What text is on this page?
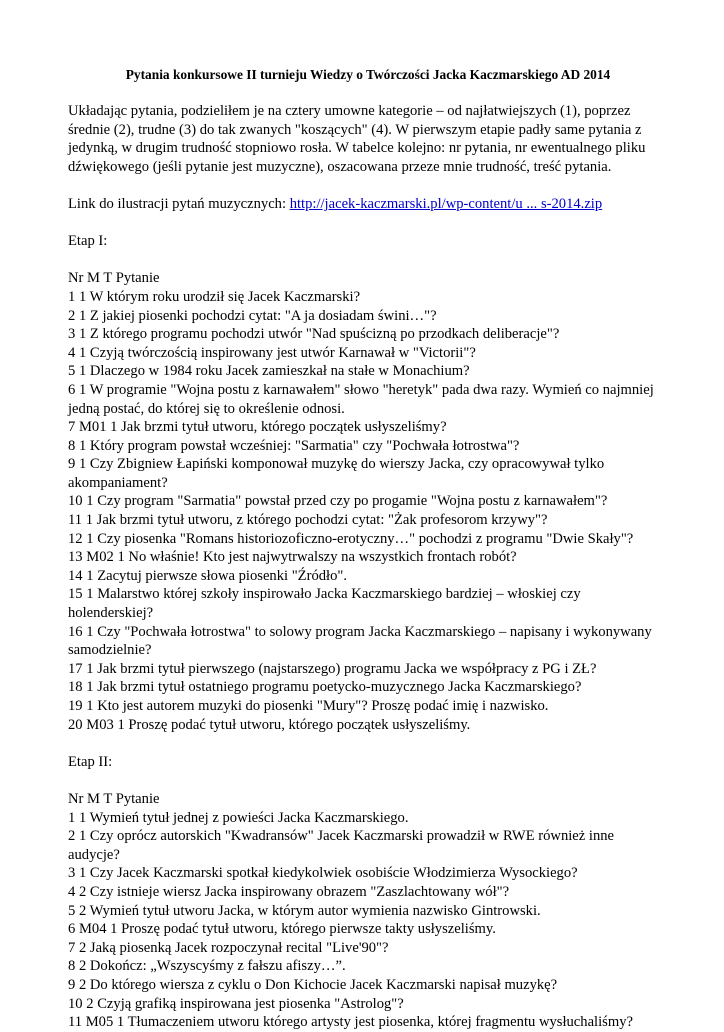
Pytania konkursowe II turnieju Wiedzy o Twórczości Jacka Kaczmarskiego AD 2014

Układając pytania, podzieliłem je na cztery umowne kategorie – od najłatwiejszych (1), poprzez średnie (2), trudne (3) do tak zwanych "koszących" (4). W pierwszym etapie padły same pytania z jedynką, w drugim trudność stopniowo rosła. W tabelce kolejno: nr pytania, nr ewentualnego pliku dźwiękowego (jeśli pytanie jest muzyczne), oszacowana przeze mnie trudność, treść pytania.

Link do ilustracji pytań muzycznych: http://jacek-kaczmarski.pl/wp-content/u ... s-2014.zip

Etap I:

Nr M T Pytanie

1 1 W którym roku urodził się Jacek Kaczmarski?

2 1 Z jakiej piosenki pochodzi cytat: "A ja dosiadam świni…"?

3 1 Z którego programu pochodzi utwór "Nad spuścizną po przodkach deliberacje"?

4 1 Czyją twórczością inspirowany jest utwór Karnawał w "Victorii"?

5 1 Dlaczego w 1984 roku Jacek zamieszkał na stałe w Monachium?

6 1 W programie "Wojna postu z karnawałem" słowo "heretyk" pada dwa razy. Wymień co najmniej jedną postać, do której się to określenie odnosi.

7 M01 1 Jak brzmi tytuł utworu, którego początek usłyszeliśmy?

8 1 Który program powstał wcześniej: "Sarmatia" czy "Pochwała łotrostwa"?

9 1 Czy Zbigniew Łapiński komponował muzykę do wierszy Jacka, czy opracowywał tylko akompaniament?

10 1 Czy program "Sarmatia" powstał przed czy po progamie "Wojna postu z karnawałem"?

11 1 Jak brzmi tytuł utworu, z którego pochodzi cytat: "Żak profesorom krzywy"?

12 1 Czy piosenka "Romans historiozoficzno-erotyczny…" pochodzi z programu "Dwie Skały"?

13 M02 1 No właśnie! Kto jest najwytrwalszy na wszystkich frontach robót?

14 1 Zacytuj pierwsze słowa piosenki "Źródło".

15 1 Malarstwo której szkoły inspirowało Jacka Kaczmarskiego bardziej – włoskiej czy holenderskiej?

16 1 Czy "Pochwała łotrostwa" to solowy program Jacka Kaczmarskiego – napisany i wykonywany samodzielnie?

17 1 Jak brzmi tytuł pierwszego (najstarszego) programu Jacka we współpracy z PG i ZŁ?

18 1 Jak brzmi tytuł ostatniego programu poetycko-muzycznego Jacka Kaczmarskiego?

19 1 Kto jest autorem muzyki do piosenki "Mury"? Proszę podać imię i nazwisko.

20 M03 1 Proszę podać tytuł utworu, którego początek usłyszeliśmy.

Etap II:

Nr M T Pytanie

1 1 Wymień tytuł jednej z powieści Jacka Kaczmarskiego.

2 1 Czy oprócz autorskich "Kwadransów" Jacek Kaczmarski prowadził w RWE również inne audycje?

3 1 Czy Jacek Kaczmarski spotkał kiedykolwiek osobiście Włodzimierza Wysockiego?

4 2 Czy istnieje wiersz Jacka inspirowany obrazem "Zaszlachtowany wół"?

5 2 Wymień tytuł utworu Jacka, w którym autor wymienia nazwisko Gintrowski.

6 M04 1 Proszę podać tytuł utworu, którego pierwsze takty usłyszeliśmy.

7 2 Jaką piosenką Jacek rozpoczynał recital "Live'90"?

8 2 Dokończ: „Wszyscyśmy z fałszu afiszy…”.

9 2 Do którego wiersza z cyklu o Don Kichocie Jacek Kaczmarski napisał muzykę?

10 2 Czyją grafiką inspirowana jest piosenka "Astrolog"?

11 M05 1 Tłumaczeniem utworu którego artysty jest piosenka, której fragmentu wysłuchaliśmy?
